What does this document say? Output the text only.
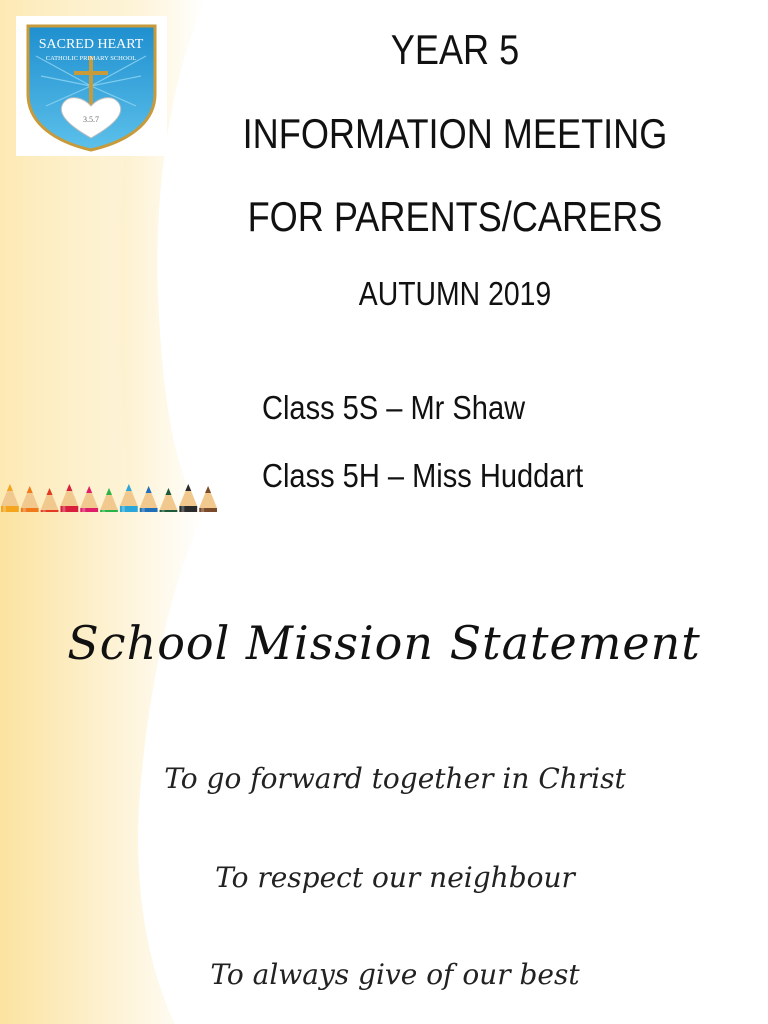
3.5.7
SACRED HEART
CATHOLIC PRIMARY SCHOOL	YEAR 5
INFORMATION MEETING
FOR PARENTS/CARERS
AUTUMN 2019
Class 5S – Mr Shaw
Class 5H – Miss Huddart
School Mission Statement
To go forward together in Christ
To respect our neighbour
To always give of our best
